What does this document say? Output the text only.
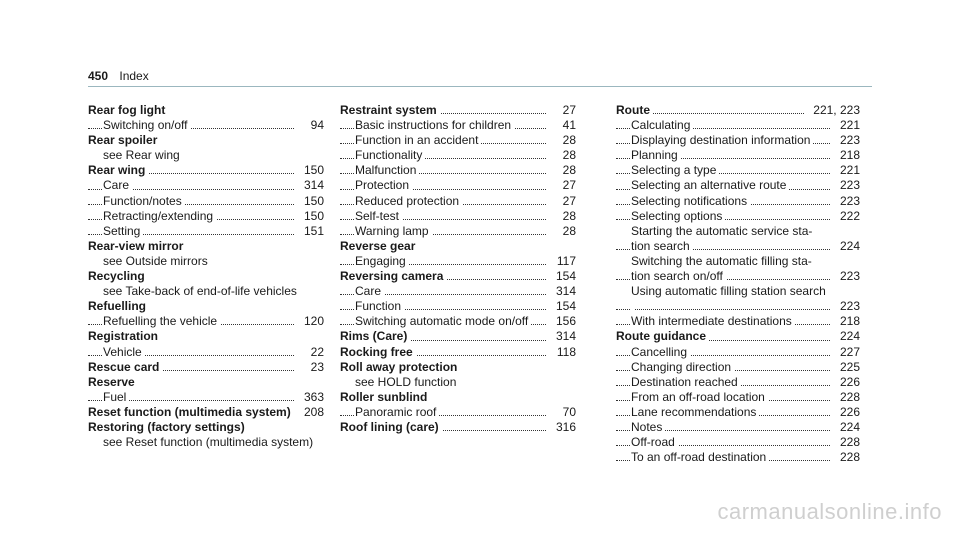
450 Index
Rear fog light
Switching on/off	94
Rear spoiler
see Rear wing
Rear wing	150
Care	314
Function/notes	150
Retracting/extending	150
Setting	151
Rear-view mirror
see Outside mirrors
Recycling
see Take-back of end-of-life vehicles
Refuelling
Refuelling the vehicle	120
Registration
Vehicle	22
Rescue card	23
Reserve
Fuel	363
Reset function (multimedia system) 208
Restoring (factory settings)
see Reset function (multimedia system)
Restraint system	27
Basic instructions for children	41
Function in an accident	28
Functionality	28
Malfunction	28
Protection	27
Reduced protection	27
Self-test	28
Warning lamp	28
Reverse gear
Engaging	117
Reversing camera	154
Care	314
Function	154
Switching automatic mode on/off 156
Rims (Care)	314
Rocking free	118
Roll away protection
see HOLD function
Roller sunblind
Panoramic roof	70
Roof lining (care)	316
Route	221, 223
Calculating	221
Displaying destination information 223
Planning	218
Selecting a type	221
Selecting an alternative route	223
Selecting notifications	223
Selecting options	222
Starting the automatic service sta-
tion search	224
Switching the automatic filling sta-
tion search on/off	223
Using automatic filling station search
223
With intermediate destinations	218
Route guidance	224
Cancelling	227
Changing direction	225
Destination reached	226
From an off-road location	228
Lane recommendations	226
Notes	224
Off-road	228
To an off-road destination	228
carmanualsonline.info
